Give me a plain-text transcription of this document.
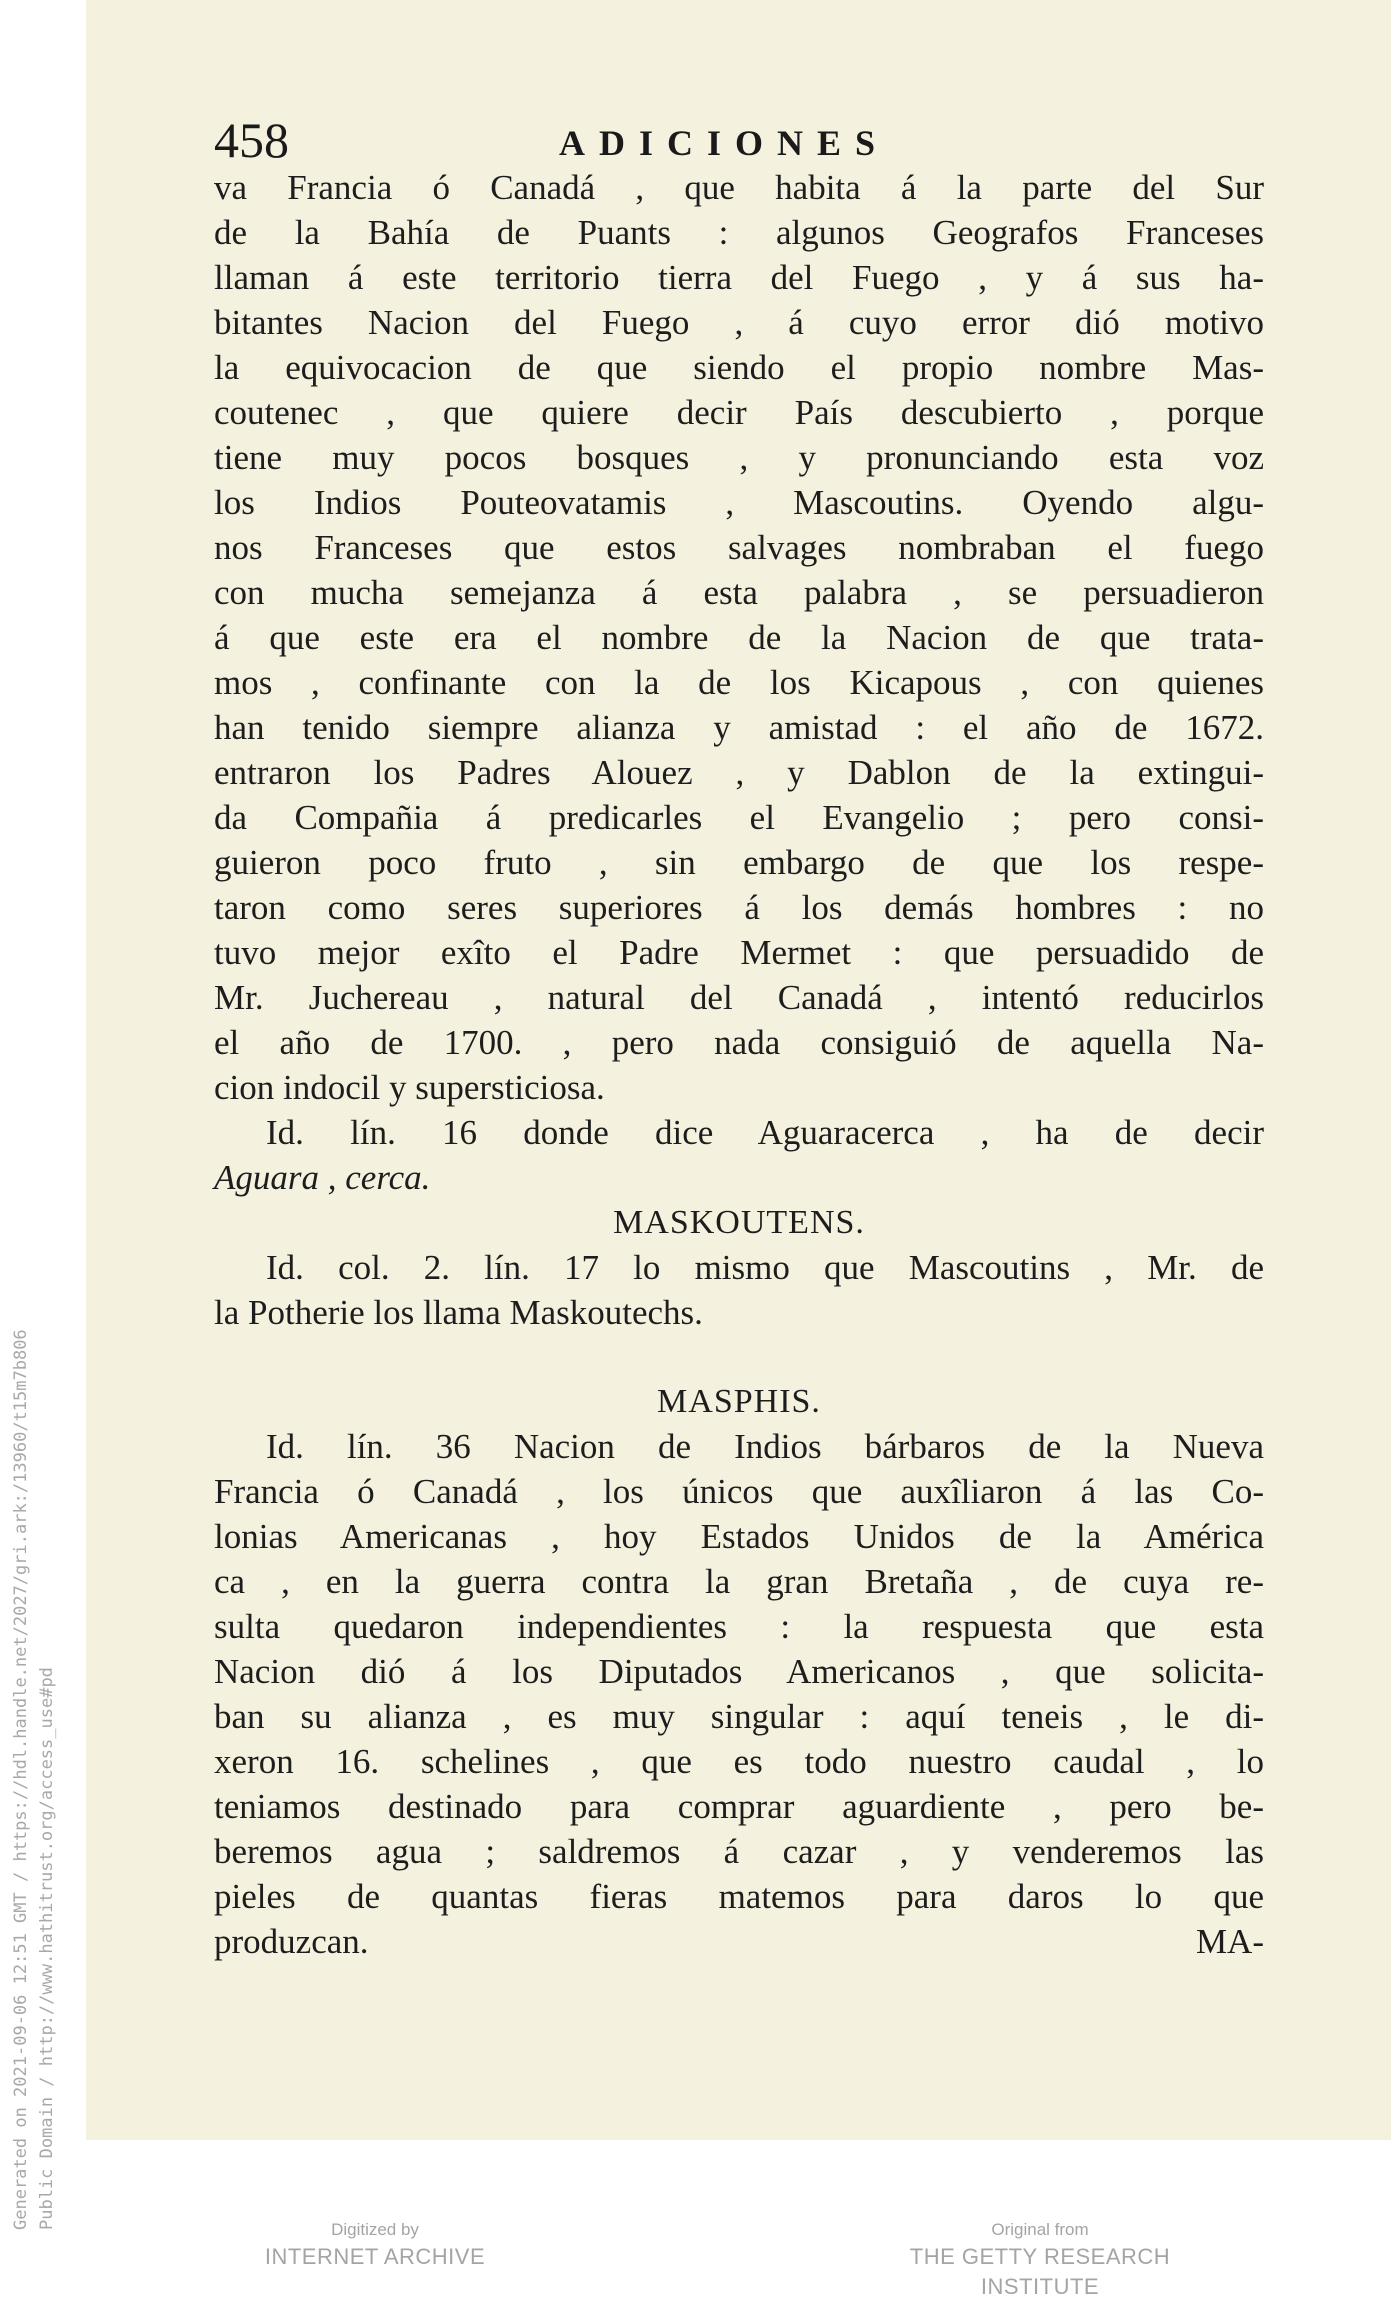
458	ADICIONES
va Francia ó Canadá , que habita á la parte del Sur
de la Bahía de Puants : algunos Geografos Franceses
llaman á este territorio tierra del Fuego , y á sus ha-
bitantes Nacion del Fuego , á cuyo error dió motivo
la equivocacion de que siendo el propio nombre Mas-
coutenec , que quiere decir País descubierto , porque
tiene muy pocos bosques , y pronunciando esta voz
los Indios Pouteovatamis , Mascoutins. Oyendo algu-
nos Franceses que estos salvages nombraban el fuego
con mucha semejanza á esta palabra , se persuadieron
á que este era el nombre de la Nacion de que trata-
mos , confinante con la de los Kicapous , con quienes
han tenido siempre alianza y amistad : el año de 1672.
entraron los Padres Alouez , y Dablon de la extingui-
da Compañia á predicarles el Evangelio ; pero consi-
guieron poco fruto , sin embargo de que los respe-
taron como seres superiores á los demás hombres : no
tuvo mejor exîto el Padre Mermet : que persuadido de
Mr. Juchereau , natural del Canadá , intentó reducirlos
el año de 1700. , pero nada consiguió de aquella Na-
cion indocil y supersticiosa.
Id. lín. 16 donde dice Aguaracerca , ha de decir
Aguara , cerca.
MASKOUTENS.
Id. col. 2. lín. 17 lo mismo que Mascoutins , Mr. de
la Potherie los llama Maskoutechs.
MASPHIS.
Id. lín. 36 Nacion de Indios bárbaros de la Nueva
Francia ó Canadá , los únicos que auxîliaron á las Co-
lonias Americanas , hoy Estados Unidos de la América
ca , en la guerra contra la gran Bretaña , de cuya re-
sulta quedaron independientes : la respuesta que esta
Nacion dió á los Diputados Americanos , que solicita-
ban su alianza , es muy singular : aquí teneis , le di-
xeron 16. schelines , que es todo nuestro caudal , lo
teniamos destinado para comprar aguardiente , pero be-
beremos agua ; saldremos á cazar , y venderemos las
pieles de quantas fieras matemos para daros lo que
produzcan.	MA-
Generated on 2021-09-06 12:51 GMT / https://hdl.handle.net/2027/gri.ark:/13960/t15m7b806 Public Domain / http://www.hathitrust.org/access_use#pd	Digitized by
INTERNET ARCHIVE
Original from
THE GETTY RESEARCH INSTITUTE
